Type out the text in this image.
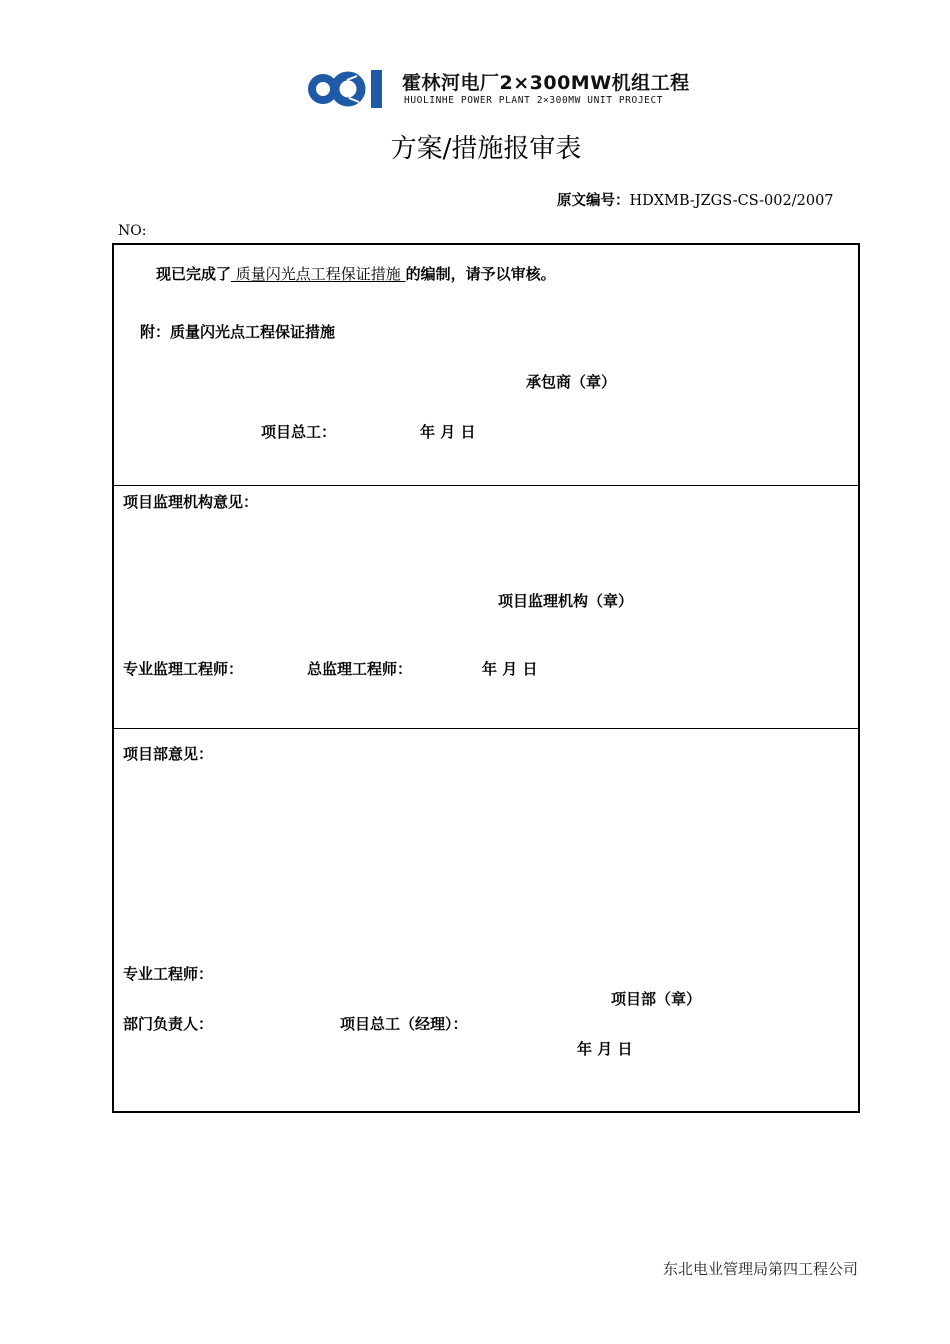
霍林河电厂2×300MW机组工程
HUOLINHE POWER PLANT 2×300MW UNIT PROJECT
方案/措施报审表
原文编号：HDXMB-JZGS-CS-002/2007
NO:
现已完成了 质量闪光点工程保证措施 的编制，请予以审核。
附：质量闪光点工程保证措施
承包商（章）
项目总工：	年 月 日
项目监理机构意见：
项目监理机构（章）
专业监理工程师：	总监理工程师：	年 月 日
项目部意见：
专业工程师：
项目部（章）
部门负责人：	项目总工（经理）：
年 月 日
东北电业管理局第四工程公司
